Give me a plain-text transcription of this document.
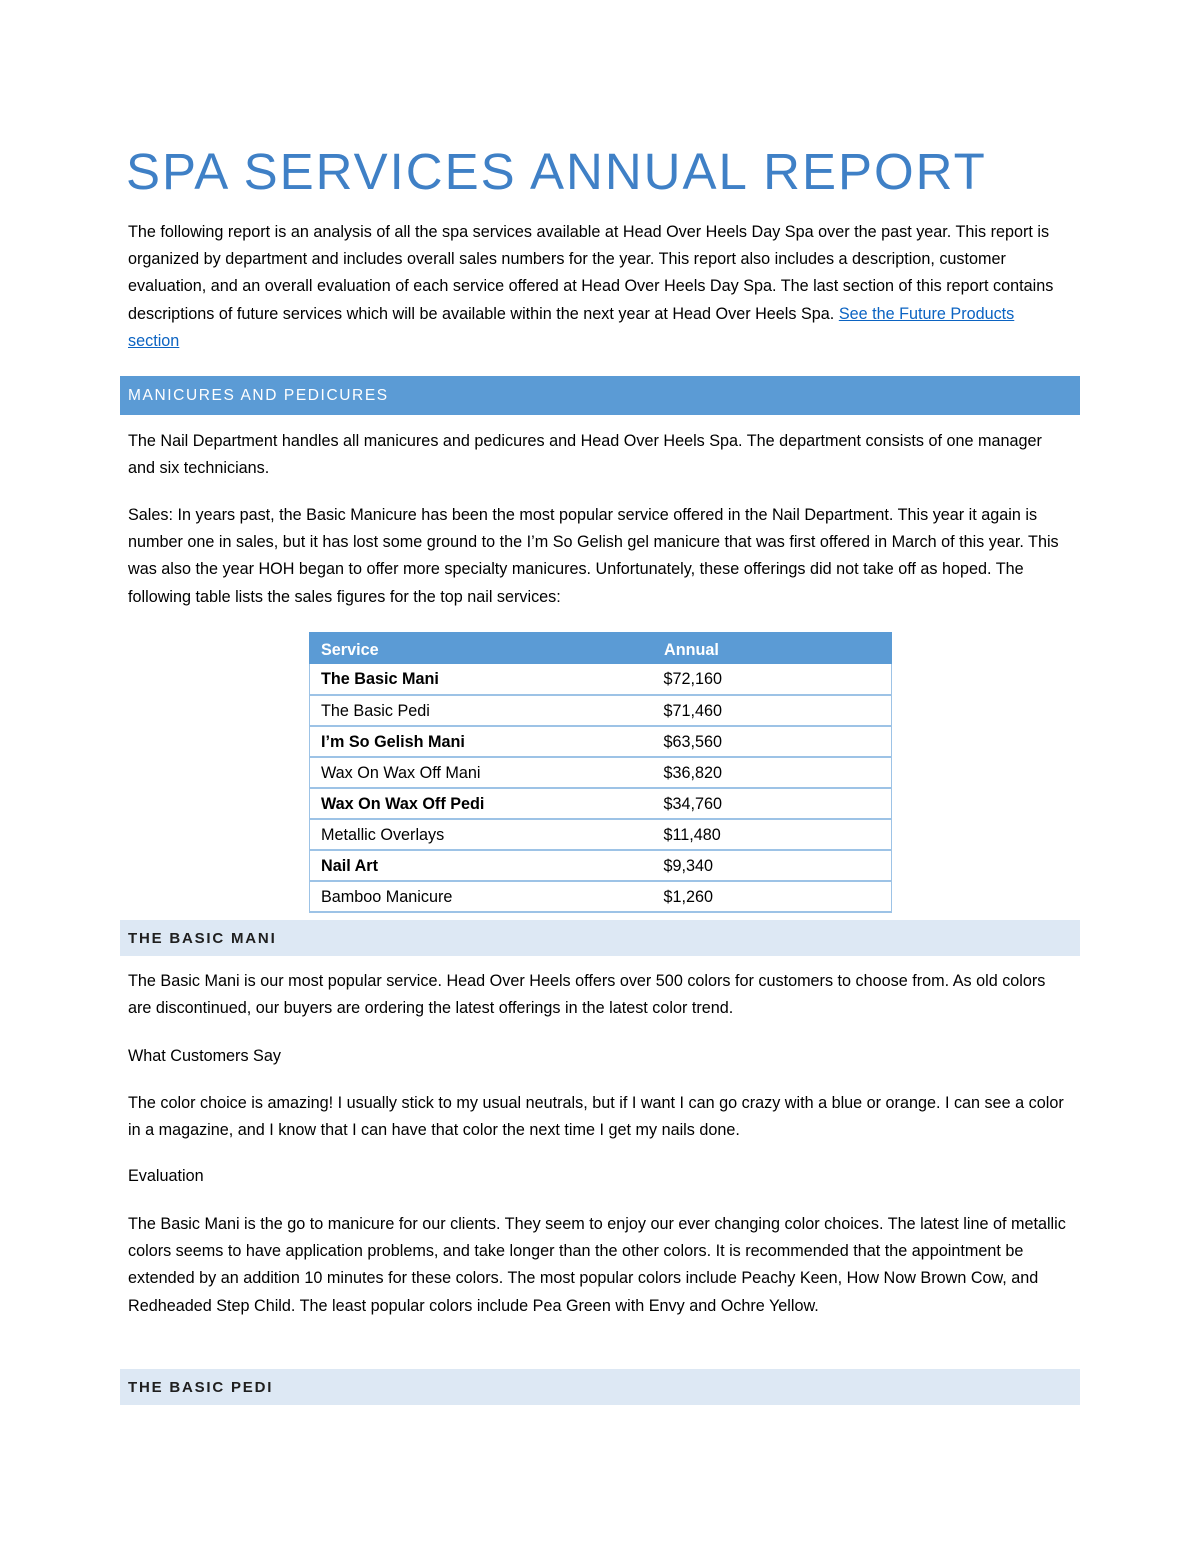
SPA SERVICES ANNUAL REPORT

The following report is an analysis of all the spa services available at Head Over Heels Day Spa over the past year. This report is organized by department and includes overall sales numbers for the year. This report also includes a description, customer evaluation, and an overall evaluation of each service offered at Head Over Heels Day Spa. The last section of this report contains descriptions of future services which will be available within the next year at Head Over Heels Spa. See the Future Products section

MANICURES AND PEDICURES

The Nail Department handles all manicures and pedicures and Head Over Heels Spa. The department consists of one manager and six technicians.

Sales: In years past, the Basic Manicure has been the most popular service offered in the Nail Department. This year it again is number one in sales, but it has lost some ground to the I’m So Gelish gel manicure that was first offered in March of this year. This was also the year HOH began to offer more specialty manicures. Unfortunately, these offerings did not take off as hoped. The following table lists the sales figures for the top nail services:

Service	Annual
The Basic Mani	$72,160
The Basic Pedi	$71,460
I’m So Gelish Mani	$63,560
Wax On Wax Off Mani	$36,820
Wax On Wax Off Pedi	$34,760
Metallic Overlays	$11,480
Nail Art	$9,340
Bamboo Manicure	$1,260
THE BASIC MANI

The Basic Mani is our most popular service. Head Over Heels offers over 500 colors for customers to choose from. As old colors are discontinued, our buyers are ordering the latest offerings in the latest color trend.

What Customers Say

The color choice is amazing! I usually stick to my usual neutrals, but if I want I can go crazy with a blue or orange. I can see a color in a magazine, and I know that I can have that color the next time I get my nails done.

Evaluation

The Basic Mani is the go to manicure for our clients. They seem to enjoy our ever changing color choices. The latest line of metallic colors seems to have application problems, and take longer than the other colors. It is recommended that the appointment be extended by an addition 10 minutes for these colors. The most popular colors include Peachy Keen, How Now Brown Cow, and Redheaded Step Child. The least popular colors include Pea Green with Envy and Ochre Yellow.

THE BASIC PEDI
